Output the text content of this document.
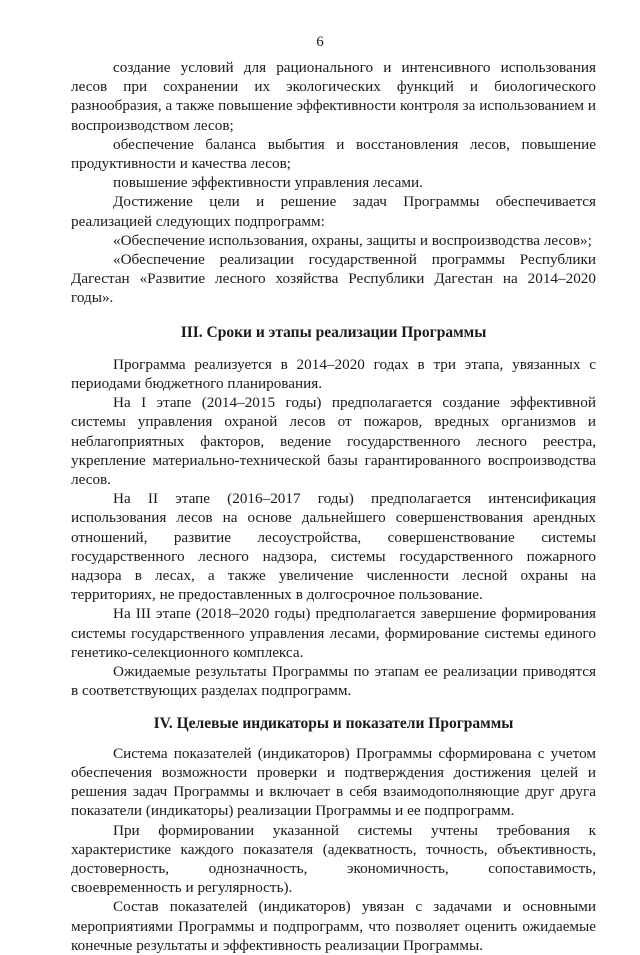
6

создание условий для рационального и интенсивного использования лесов при сохранении их экологических функций и биологического разнообразия, а также повышение эффективности контроля за использованием и воспроизводством лесов;

обеспечение баланса выбытия и восстановления лесов, повышение продуктивности и качества лесов;

повышение эффективности управления лесами.

Достижение цели и решение задач Программы обеспечивается реализацией следующих подпрограмм:

«Обеспечение использования, охраны, защиты и воспроизводства лесов»;

«Обеспечение реализации государственной программы Республики Дагестан «Развитие лесного хозяйства Республики Дагестан на 2014–2020 годы».

III. Сроки и этапы реализации Программы

Программа реализуется в 2014–2020 годах в три этапа, увязанных с периодами бюджетного планирования.

На I этапе (2014–2015 годы) предполагается создание эффективной системы управления охраной лесов от пожаров, вредных организмов и неблагоприятных факторов, ведение государственного лесного реестра, укрепление материально-технической базы гарантированного воспроизводства лесов.

На II этапе (2016–2017 годы) предполагается интенсификация использования лесов на основе дальнейшего совершенствования арендных отношений, развитие лесоустройства, совершенствование системы государственного лесного надзора, системы государственного пожарного надзора в лесах, а также увеличение численности лесной охраны на территориях, не предоставленных в долгосрочное пользование.

На III этапе (2018–2020 годы) предполагается завершение формирования системы государственного управления лесами, формирование системы единого генетико-селекционного комплекса.

Ожидаемые результаты Программы по этапам ее реализации приводятся в соответствующих разделах подпрограмм.

IV. Целевые индикаторы и показатели Программы

Система показателей (индикаторов) Программы сформирована с учетом обеспечения возможности проверки и подтверждения достижения целей и решения задач Программы и включает в себя взаимодополняющие друг друга показатели (индикаторы) реализации Программы и ее подпрограмм.

При формировании указанной системы учтены требования к характеристике каждого показателя (адекватность, точность, объективность, достоверность, однозначность, экономичность, сопоставимость, своевременность и регулярность).

Состав показателей (индикаторов) увязан с задачами и основными мероприятиями Программы и подпрограмм, что позволяет оценить ожидаемые конечные результаты и эффективность реализации Программы.
